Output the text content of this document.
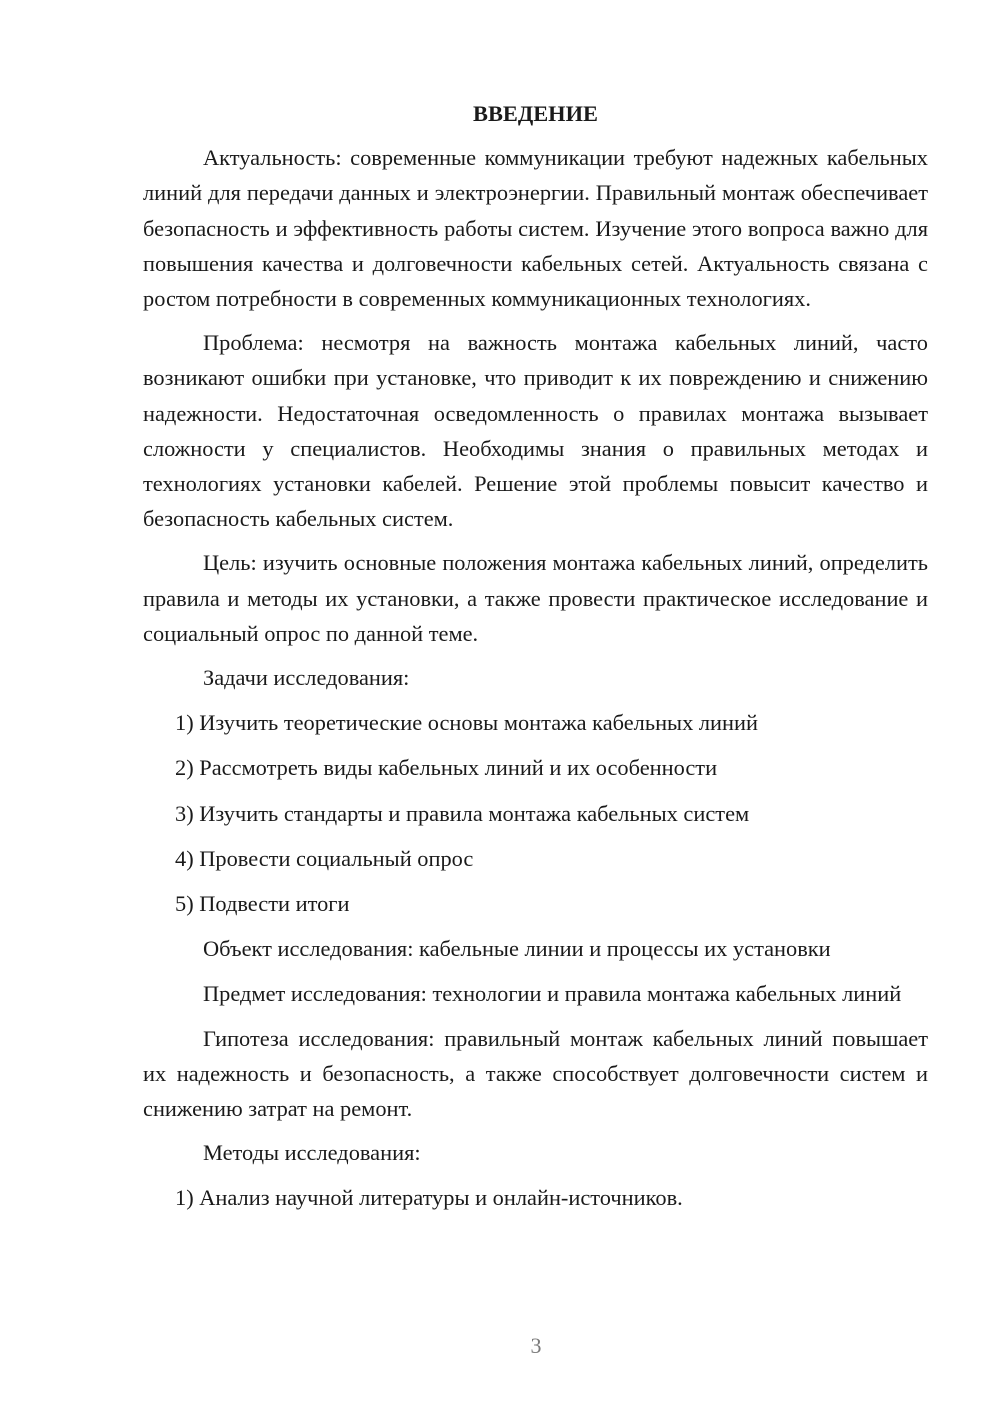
ВВЕДЕНИЕ

Актуальность: современные коммуникации требуют надежных кабельных линий для передачи данных и электроэнергии. Правильный монтаж обеспечивает безопасность и эффективность работы систем. Изучение этого вопроса важно для повышения качества и долговечности кабельных сетей. Актуальность связана с ростом потребности в современных коммуникационных технологиях.

Проблема: несмотря на важность монтажа кабельных линий, часто возникают ошибки при установке, что приводит к их повреждению и снижению надежности. Недостаточная осведомленность о правилах монтажа вызывает сложности у специалистов. Необходимы знания о правильных методах и технологиях установки кабелей. Решение этой проблемы повысит качество и безопасность кабельных систем.

Цель: изучить основные положения монтажа кабельных линий, определить правила и методы их установки, а также провести практическое исследование и социальный опрос по данной теме.

Задачи исследования:

1) Изучить теоретические основы монтажа кабельных линий

2) Рассмотреть виды кабельных линий и их особенности

3) Изучить стандарты и правила монтажа кабельных систем

4) Провести социальный опрос

5) Подвести итоги

Объект исследования: кабельные линии и процессы их установки

Предмет исследования: технологии и правила монтажа кабельных линий

Гипотеза исследования: правильный монтаж кабельных линий повышает их надежность и безопасность, а также способствует долговечности систем и снижению затрат на ремонт.

Методы исследования:

1) Анализ научной литературы и онлайн-источников.

3
